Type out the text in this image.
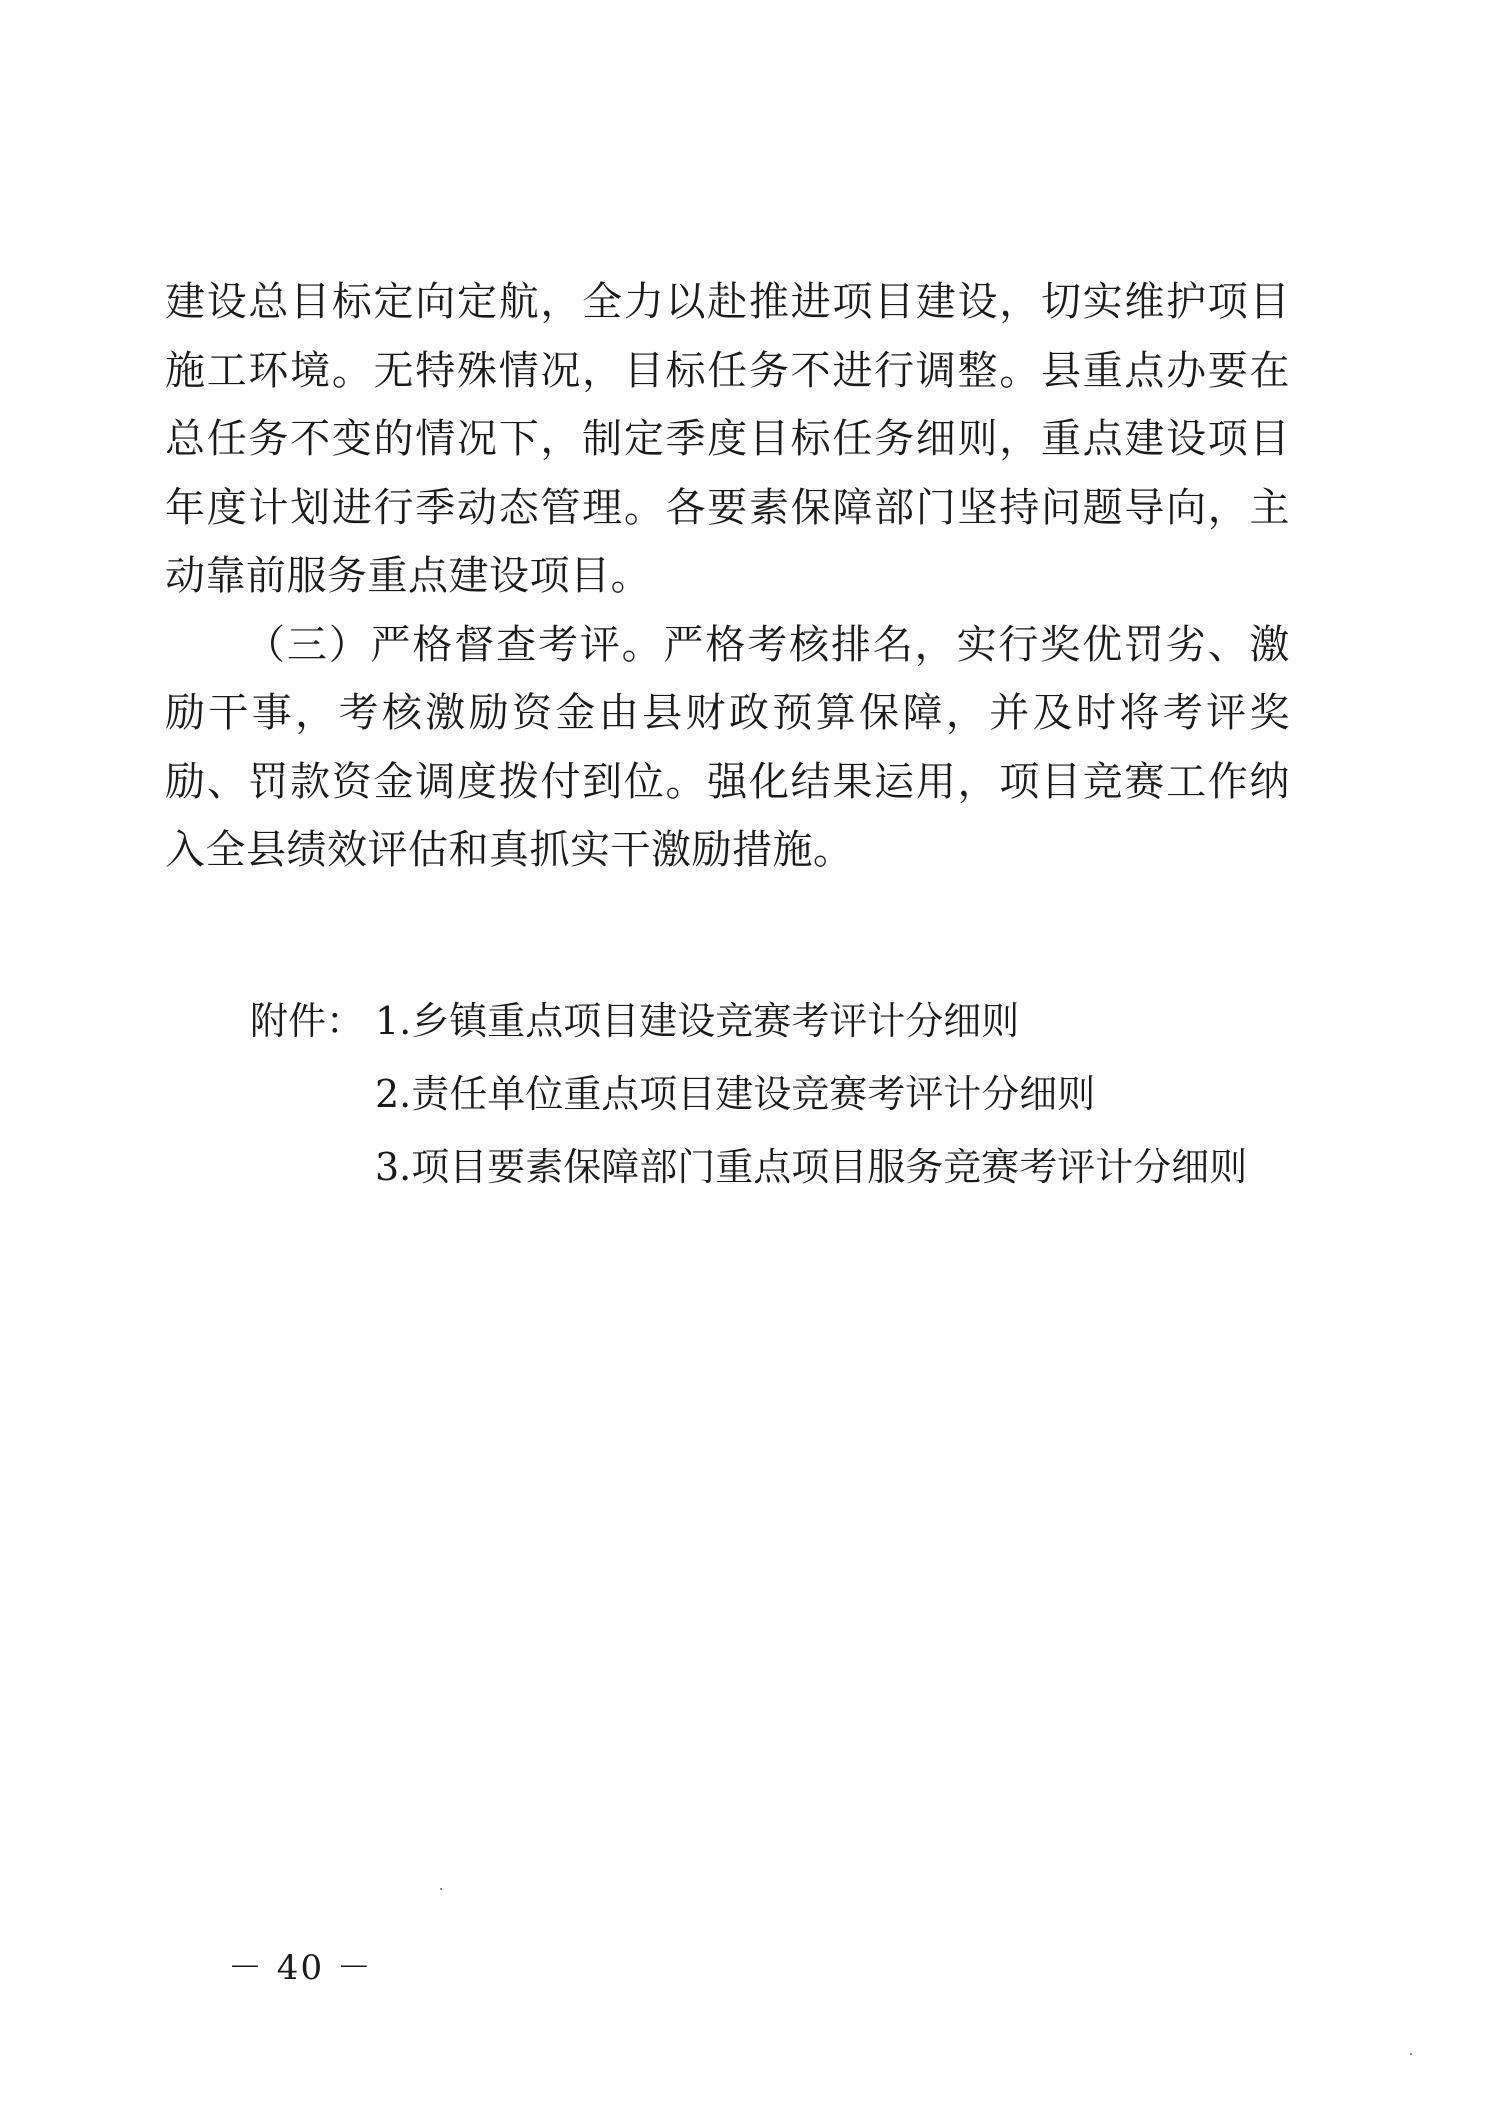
建设总目标定向定航，全力以赴推进项目建设，切实维护项目施工环境。无特殊情况，目标任务不进行调整。县重点办要在总任务不变的情况下，制定季度目标任务细则，重点建设项目年度计划进行季动态管理。各要素保障部门坚持问题导向，主动靠前服务重点建设项目。

（三）严格督查考评。严格考核排名，实行奖优罚劣、激励干事，考核激励资金由县财政预算保障，并及时将考评奖励、罚款资金调度拨付到位。强化结果运用，项目竞赛工作纳入全县绩效评估和真抓实干激励措施。

附件： 1.乡镇重点项目建设竞赛考评计分细则
2.责任单位重点项目建设竞赛考评计分细则
3.项目要素保障部门重点项目服务竞赛考评计分细则
－ 40 －
